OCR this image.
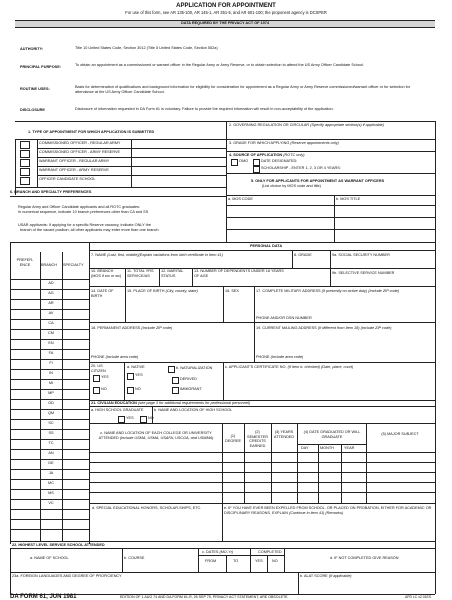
APPLICATION FOR APPOINTMENT
For use of this form, see AR 135-100, AR 145-1, AR 351-5, and AR 601-100; the proponent agency is DCSPER
DATA REQUIRED BY THE PRIVACY ACT OF 1974
AUTHORITY:	Title 10 United States Code, Section 3012 (Title 5 United States Code, Section 552a)
PRINCIPAL PURPOSE:	To obtain an appointment as a commissioned or warrant officer in the Regular Army or Army Reserve, or to obtain selection to attend the US Army Officer Candidate School.
ROUTINE USES:	Basis for determination of qualifications and background information for eligibility for consideration for appointment as a Regular Army or Army Reserve commissioned/warrant officer or for selection for attendance at the US Army Officer Candidate School.
DISCLOSURE	Disclosure of information requested in DA Form 61 is voluntary. Failure to provide the required information will result in non-acceptability of the application.
1. TYPE OF APPOINTMENT FOR WHICH APPLICATION IS SUBMITTED
COMMISSIONED OFFICER - REGULAR ARMY
COMMISSIONED OFFICER - ARMY RESERVE
WARRANT OFFICER - REGULAR ARMY
WARRANT OFFICER - ARMY RESERVE
OFFICER CANDIDATE SCHOOL
2. GOVERNING REGULATION OR CIRCULAR (Specify appropriate section(s) if applicable)
3. GRADE FOR WHICH APPLYING (Reserve appointments only)
4. SOURCE OF APPLICATION (ROTC only)
OMG	DATE DESIGNATED:
SCHOLARSHIP - ENTER 1, 2, 3 OR 4 YEARS:
5. ONLY FOR APPLICANTS FOR APPOINTMENT AS WARRANT OFFICERS
(List choice by MOS code and title)
a. MOS CODE	b. MOS TITLE
6. BRANCH AND SPECIALTY PREFERENCES
Regular Army and Officer Candidate applicants and all ROTC graduates:
In numerical sequence, indicate 10 branch preferences other than CA and SS
USAR applicants: If applying for a specific Reserve vacancy, indicate ONLY the
branch of the vacant position; all other applicants may enter more than one branch.
PREFER-
ENCE	BRANCH SPECIALTY
AD
AG
AR
AV
CA
CM
EN
FA
FI
IN
MI
MP
OD
QM
SC
SS
TC
AN
DE
JA
MC
MS
VC
PERSONAL DATA
7. NAME (Last, first, middle)(Explain variations from birth certificate in Item 41)	8. GRADE	9a. SOCIAL SECURITY NUMBER
10. BRANCH (MOS if wo or wc)
11. TOTAL YRS SERVICE/AS
12. MARITAL STATUS
13. NUMBER OF DEPENDENTS UNDER 18 YEARS OF AGE
9b. SELECTIVE SERVICE NUMBER
14. DATE OF BIRTH
15. PLACE OF BIRTH (City, county, state)	16. SEX	17. COMPLETE MILITARY ADDRESS (If presently on active duty) (Include ZIP code)
PHONE AND/OR DSN NUMBER
18. PERMANENT ADDRESS (Include ZIP code)	19. CURRENT MAILING ADDRESS (If different from Item 18) (Include ZIP code)
PHONE (Include area code)	PHONE (Include area code)
20. US CITIZEN
YES
NO
a. NATIVE
YES
NO
b. NATURALIZATION
DERIVED
IMMIGRANT
c. APPLICANT'S CERTIFICATE NO. (If item b. checked) (Date, place, court)
21. CIVILIAN EDUCATION (see page 3 for additional requirements for professional personnel)
a. HIGH SCHOOL GRADUATE
YES	NO
b. NAME AND LOCATION OF HIGH SCHOOL
c. NAME AND LOCATION OF EACH COLLEGE OR UNIVERSITY ATTENDED (Include USMA, USMA, USAFA, USCGA, and USMMA)	(1) DEGREE
(2) SEMESTER CREDITS EARNED
(3) YEARS ATTENDED
(4) DATE GRADUATED OR WILL GRADUATE
DAY	MONTH	YEAR
(5) MAJOR SUBJECT
d. SPECIAL EDUCATIONAL HONORS, SCHOLAR-SHIPS, ETC.	e. IF YOU HAVE EVER BEEN EXPELLED FROM SCHOOL, OR PLACED ON PROBATION, EITHER FOR ACADEMIC OR DISCIPLINARY REASONS, EXPLAIN (Continue in item 41) (Remarks)
22. HIGHEST LEVEL SERVICE SCHOOL ATTENDED
a. NAME OF SCHOOL	b. COURSE
c. DATES (MO-Yr)
FROM	TO
COMPLETED
YES NO
d. IF NOT COMPLETED GIVE REASON
23a. FOREIGN LANGUAGES AND DEGREE OF PROFICIENCY	b. ALAT SCORE (If applicable)
DA FORM 61, JUN 1981	EDITION OF 1 AUG 74 AND DA FORM 61-R, 26 SEP 75, PRIVACY ACT STATEMENT, ARE OBSOLETE.	APD LC v2.01ES
